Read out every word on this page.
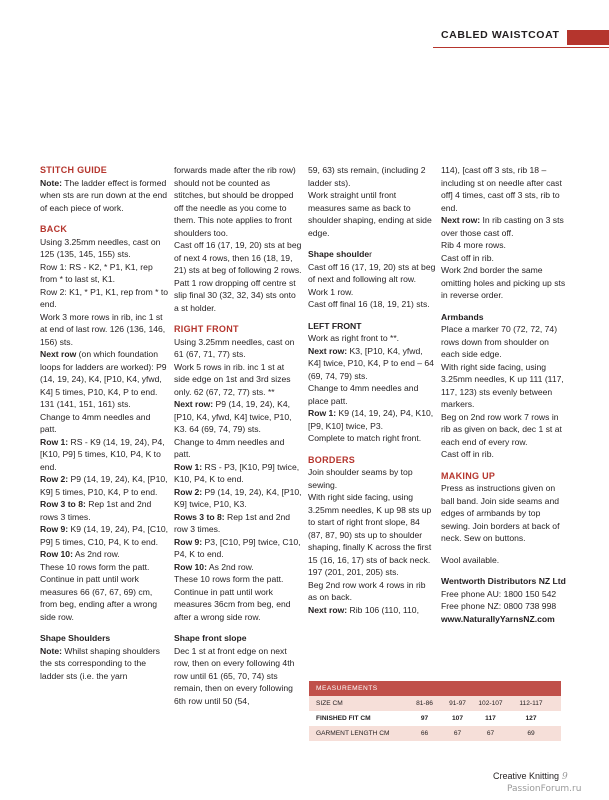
CABLED WAISTCOAT

STITCH GUIDE

Note: The ladder effect is formed when sts are run down at the end of each piece of work.

BACK

Using 3.25mm needles, cast on 125 (135, 145, 155) sts.

Row 1: RS - K2, * P1, K1, rep from * to last st, K1.

Row 2: K1, * P1, K1, rep from * to end.

Work 3 more rows in rib, inc 1 st at end of last row. 126 (136, 146, 156) sts.

Next row (on which foundation loops for ladders are worked): P9 (14, 19, 24), K4, [P10, K4, yfwd, K4] 5 times, P10, K4, P to end. 131 (141, 151, 161) sts.

Change to 4mm needles and patt.

Row 1: RS - K9 (14, 19, 24), P4, [K10, P9] 5 times, K10, P4, K to end.

Row 2: P9 (14, 19, 24), K4, [P10, K9] 5 times, P10, K4, P to end.

Row 3 to 8: Rep 1st and 2nd rows 3 times.

Row 9: K9 (14, 19, 24), P4, [C10, P9] 5 times, C10, P4, K to end.

Row 10: As 2nd row.

These 10 rows form the patt. Continue in patt until work measures 66 (67, 67, 69) cm, from beg, ending after a wrong side row.

Shape Shoulders

Note: Whilst shaping shoulders the sts corresponding to the ladder sts (i.e. the yarn

forwards made after the rib row) should not be counted as stitches, but should be dropped off the needle as you come to them. This note applies to front shoulders too.

Cast off 16 (17, 19, 20) sts at beg of next 4 rows, then 16 (18, 19, 21) sts at beg of following 2 rows.

Patt 1 row dropping off centre st slip final 30 (32, 32, 34) sts onto a st holder.

RIGHT FRONT

Using 3.25mm needles, cast on 61 (67, 71, 77) sts.

Work 5 rows in rib. inc 1 st at side edge on 1st and 3rd sizes only. 62 (67, 72, 77) sts. **

Next row: P9 (14, 19, 24), K4, [P10, K4, yfwd, K4] twice, P10, K3. 64 (69, 74, 79) sts.

Change to 4mm needles and patt.

Row 1: RS - P3, [K10, P9] twice, K10, P4, K to end.

Row 2: P9 (14, 19, 24), K4, [P10, K9] twice, P10, K3.

Rows 3 to 8: Rep 1st and 2nd row 3 times.

Row 9: P3, [C10, P9] twice, C10, P4, K to end.

Row 10: As 2nd row.

These 10 rows form the patt. Continue in patt until work measures 36cm from beg, end after a wrong side row.

Shape front slope

Dec 1 st at front edge on next row, then on every following 4th row until 61 (65, 70, 74) sts remain, then on every following 6th row until 50 (54,

59, 63) sts remain, (including 2 ladder sts).

Work straight until front measures same as back to shoulder shaping, ending at side edge.

Shape shoulder

Cast off 16 (17, 19, 20) sts at beg of next and following alt row.

Work 1 row.

Cast off final 16 (18, 19, 21) sts.

LEFT FRONT

Work as right front to **.

Next row: K3, [P10, K4, yfwd, K4] twice, P10, K4, P to end – 64 (69, 74, 79) sts.

Change to 4mm needles and place patt.

Row 1: K9 (14, 19, 24), P4, K10, [P9, K10] twice, P3.

Complete to match right front.

BORDERS

Join shoulder seams by top sewing.

With right side facing, using 3.25mm needles, K up 98 sts up to start of right front slope, 84 (87, 87, 90) sts up to shoulder shaping, finally K across the first 15 (16, 16, 17) sts of back neck. 197 (201, 201, 205) sts.

Beg 2nd row work 4 rows in rib as on back.

Next row: Rib 106 (110, 110,

114), [cast off 3 sts, rib 18 – including st on needle after cast off] 4 times, cast off 3 sts, rib to end.

Next row: In rib casting on 3 sts over those cast off.

Rib 4 more rows.

Cast off in rib.

Work 2nd border the same omitting holes and picking up sts in reverse order.

Armbands

Place a marker 70 (72, 72, 74) rows down from shoulder on each side edge.

With right side facing, using 3.25mm needles, K up 111 (117, 117, 123) sts evenly between markers.

Beg on 2nd row work 7 rows in rib as given on back, dec 1 st at each end of every row.

Cast off in rib.

MAKING UP

Press as instructions given on ball band. Join side seams and edges of armbands by top sewing. Join borders at back of neck. Sew on buttons.

Wool available.

Wentworth Distributors NZ Ltd

Free phone AU: 1800 150 542

Free phone NZ: 0800 738 998

www.NaturallyYarnsNZ.com

MEASUREMENTS
SIZE CM	81-86	91-97	102-107	112-117
FINISHED FIT CM	97	107	117	127
GARMENT LENGTH CM	66	67	67	69
Creative Knitting 9
PassionForum.ru
